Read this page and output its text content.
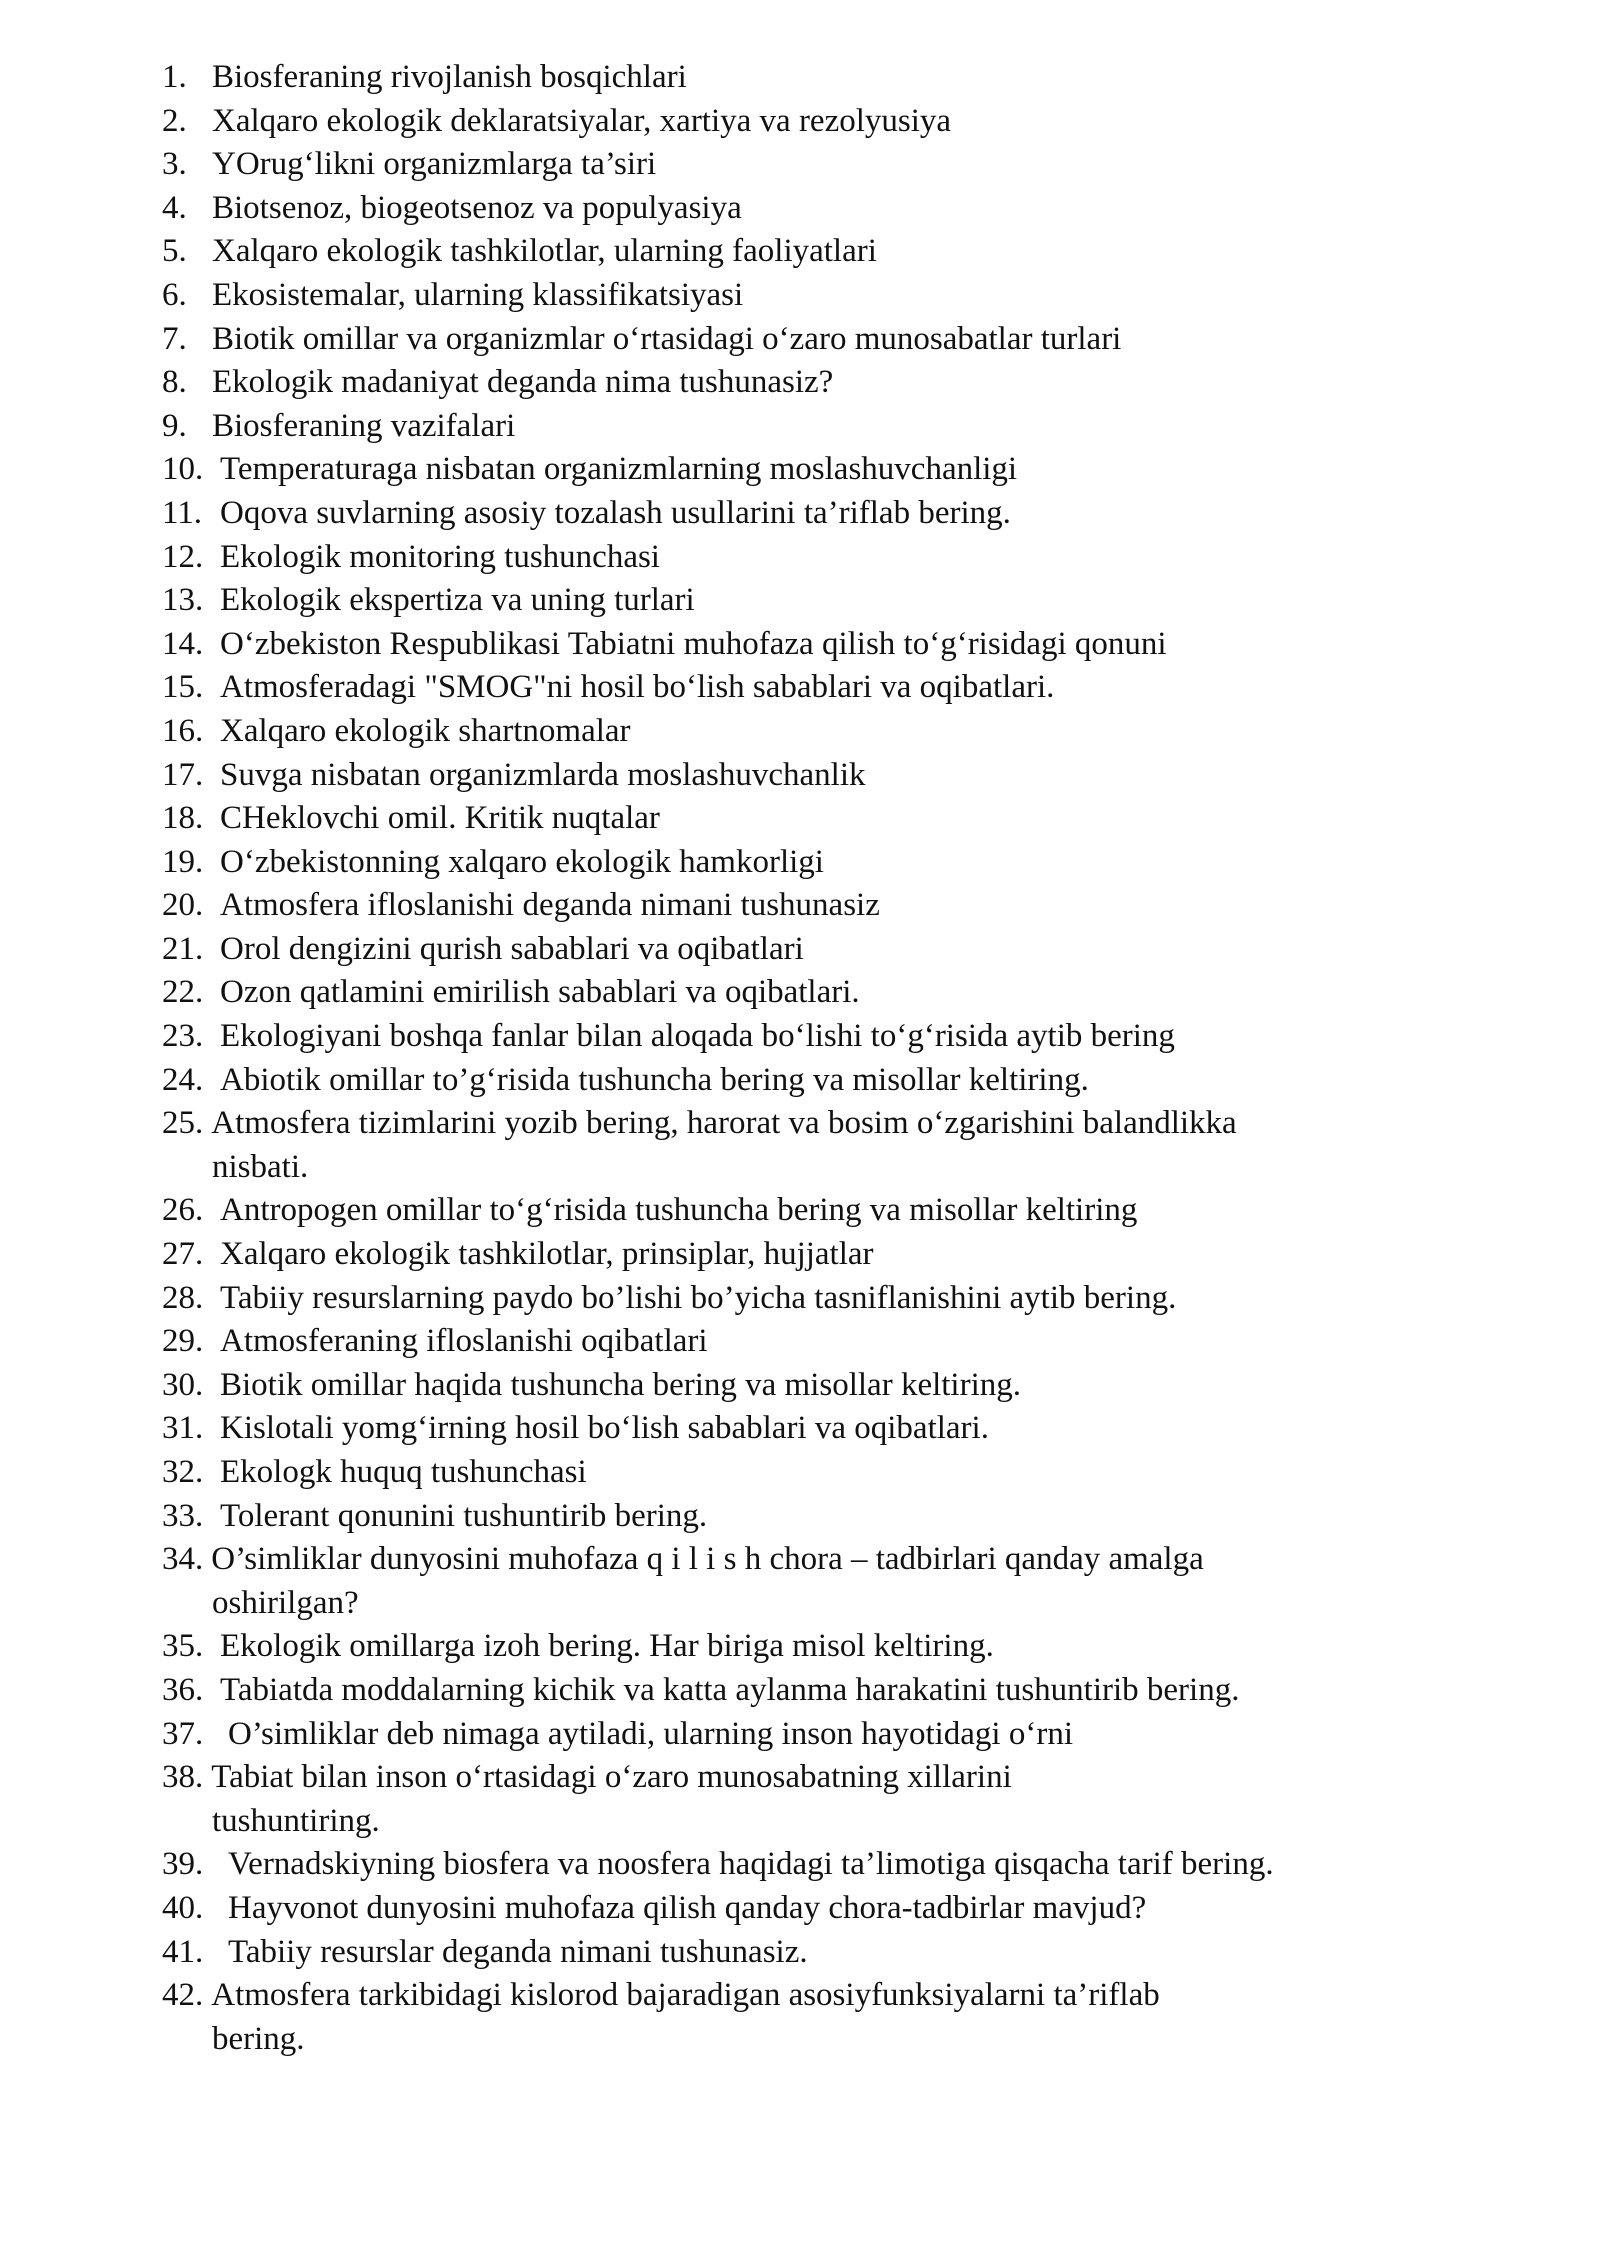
1. Biosferaning rivojlanish bosqichlari
2. Xalqaro ekologik deklaratsiyalar, xartiya va rezolyusiya
3. YOrug‘likni organizmlarga ta’siri
4. Biotsenoz, biogeotsenoz va populyasiya
5. Xalqaro ekologik tashkilotlar, ularning faoliyatlari
6. Ekosistemalar, ularning klassifikatsiyasi
7. Biotik omillar va organizmlar o‘rtasidagi o‘zaro munosabatlar turlari
8. Ekologik madaniyat deganda nima tushunasiz?
9. Biosferaning vazifalari
10. Temperaturaga nisbatan organizmlarning moslashuvchanligi
11. Oqova suvlarning asosiy tozalash usullarini ta’riflab bering.
12. Ekologik monitoring tushunchasi
13. Ekologik ekspertiza va uning turlari
14. O‘zbekiston Respublikasi Tabiatni muhofaza qilish to‘g‘risidagi qonuni
15. Atmosferadagi "SMOG"ni hosil bo‘lish sabablari va oqibatlari.
16. Xalqaro ekologik shartnomalar
17. Suvga nisbatan organizmlarda moslashuvchanlik
18. CHeklovchi omil. Kritik nuqtalar
19. O‘zbekistonning xalqaro ekologik hamkorligi
20. Atmosfera ifloslanishi deganda nimani tushunasiz
21. Orol dengizini qurish sabablari va oqibatlari
22. Ozon qatlamini emirilish sabablari va oqibatlari.
23. Ekologiyani boshqa fanlar bilan aloqada bo‘lishi to‘g‘risida aytib bering
24. Abiotik omillar to’g‘risida tushuncha bering va misollar keltiring.
25. Atmosfera tizimlarini yozib bering, harorat va bosim o‘zgarishini balandlikka
nisbati.
26. Antropogen omillar to‘g‘risida tushuncha bering va misollar keltiring
27. Xalqaro ekologik tashkilotlar, prinsiplar, hujjatlar
28. Tabiiy resurslarning paydo bo’lishi bo’yicha tasniflanishini aytib bering.
29. Atmosferaning ifloslanishi oqibatlari
30. Biotik omillar haqida tushuncha bering va misollar keltiring.
31. Kislotali yomg‘irning hosil bo‘lish sabablari va oqibatlari.
32. Ekologk huquq tushunchasi
33. Tolerant qonunini tushuntirib bering.
34. O’simliklar dunyosini muhofaza q i l i s h chora – tadbirlari qanday amalga
oshirilgan?
35. Ekologik omillarga izoh bering. Har biriga misol keltiring.
36. Tabiatda moddalarning kichik va katta aylanma harakatini tushuntirib bering.
37. O’simliklar deb nimaga aytiladi, ularning inson hayotidagi o‘rni
38. Tabiat bilan inson o‘rtasidagi o‘zaro munosabatning xillarini
tushuntiring.
39. Vernadskiyning biosfera va noosfera haqidagi ta’limotiga qisqacha tarif bering.
40. Hayvonot dunyosini muhofaza qilish qanday chora-tadbirlar mavjud?
41. Tabiiy resurslar deganda nimani tushunasiz.
42. Atmosfera tarkibidagi kislorod bajaradigan asosiyfunksiyalarni ta’riflab
bering.
